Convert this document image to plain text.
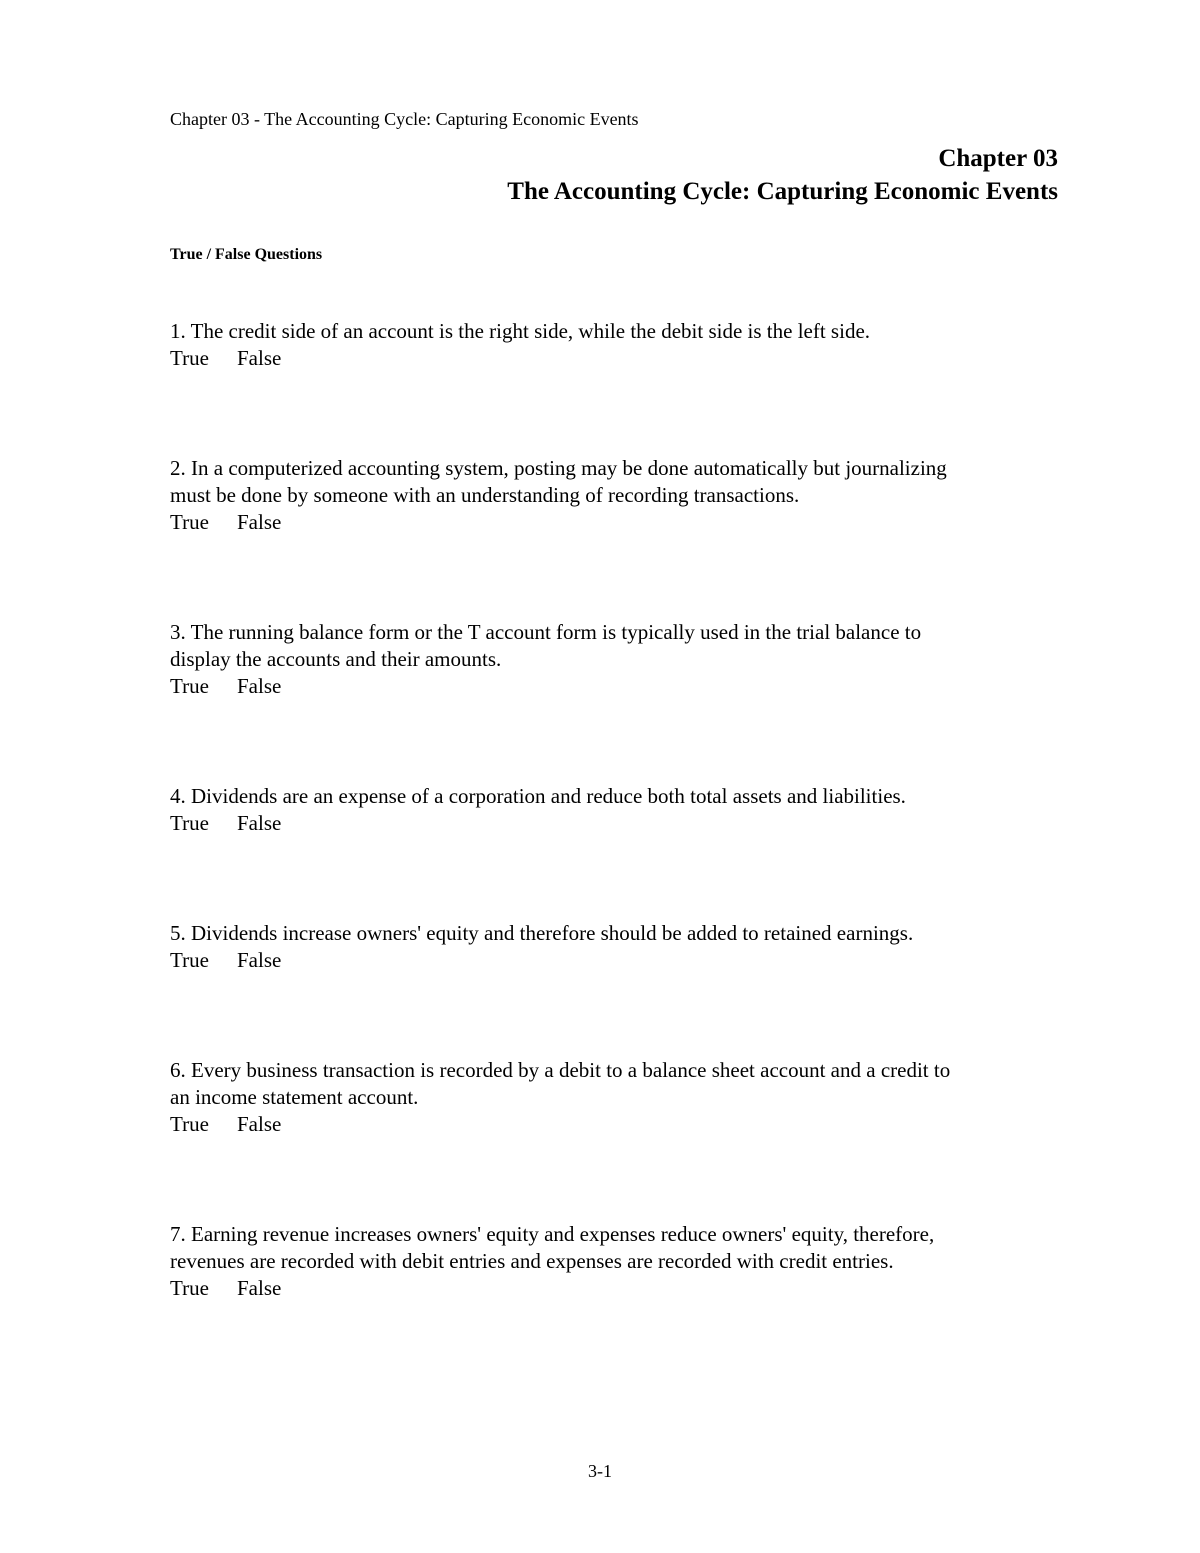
Chapter 03 - The Accounting Cycle: Capturing Economic Events
Chapter 03
The Accounting Cycle: Capturing Economic Events
True / False Questions
1. The credit side of an account is the right side, while the debit side is the left side.
True False
2. In a computerized accounting system, posting may be done automatically but journalizing
must be done by someone with an understanding of recording transactions.
True False
3. The running balance form or the T account form is typically used in the trial balance to
display the accounts and their amounts.
True False
4. Dividends are an expense of a corporation and reduce both total assets and liabilities.
True False
5. Dividends increase owners' equity and therefore should be added to retained earnings.
True False
6. Every business transaction is recorded by a debit to a balance sheet account and a credit to
an income statement account.
True False
7. Earning revenue increases owners' equity and expenses reduce owners' equity, therefore,
revenues are recorded with debit entries and expenses are recorded with credit entries.
True False
3-1
